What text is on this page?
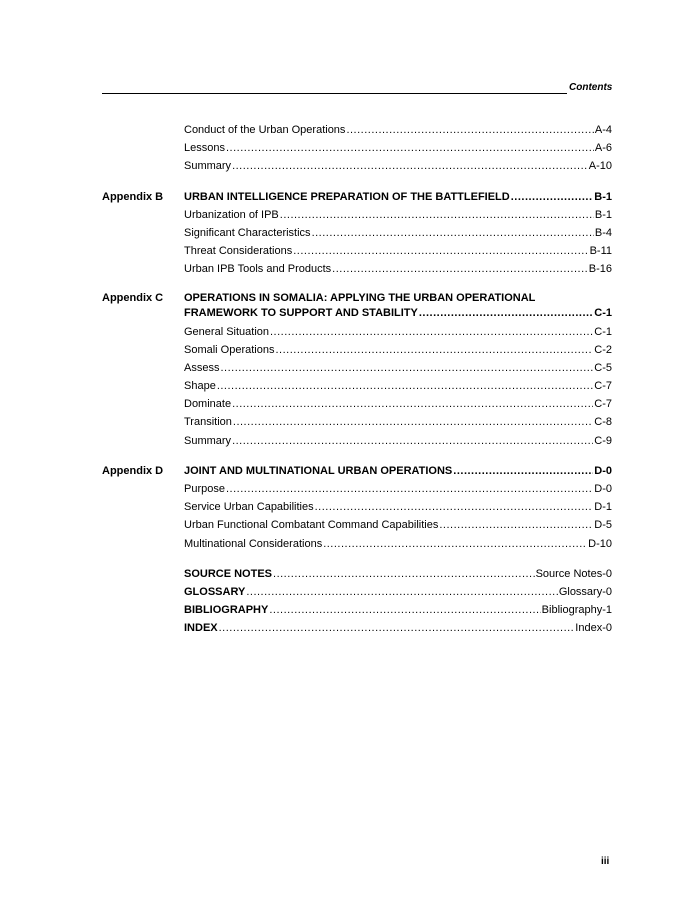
Contents
Conduct of the Urban Operations .....	A-4
Lessons .....	A-6
Summary .....	A-10
Appendix B URBAN INTELLIGENCE PREPARATION OF THE BATTLEFIELD .....	B-1
Urbanization of IPB .....	B-1
Significant Characteristics .....	B-4
Threat Considerations .....	B-11
Urban IPB Tools and Products .....	B-16
Appendix C OPERATIONS IN SOMALIA: APPLYING THE URBAN OPERATIONAL
FRAMEWORK TO SUPPORT AND STABILITY .....	C-1
General Situation .....	C-1
Somali Operations .....	C-2
Assess .....	C-5
Shape .....	C-7
Dominate .....	C-7
Transition .....	C-8
Summary .....	C-9
Appendix D JOINT AND MULTINATIONAL URBAN OPERATIONS .....	D-0
Purpose .....	D-0
Service Urban Capabilities .....	D-1
Urban Functional Combatant Command Capabilities .....	D-5
Multinational Considerations .....	D-10
SOURCE NOTES .....	Source Notes-0
GLOSSARY .....	Glossary-0
BIBLIOGRAPHY .....	Bibliography-1
INDEX .....	Index-0
iii
